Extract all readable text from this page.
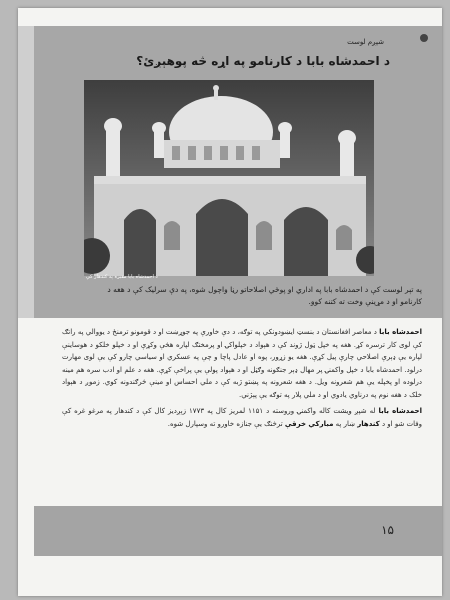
شپږم لوست
د احمدشاه بابا د کارنامو په اړه څه پوهېږئ؟
د احمدشاه بابا مقبره په کندهار کې
په تېر لوست کې د احمدشاه بابا په اداري او پوځي اصلاحاتو رڼا واچول شوه، په دې سرلیک کې د هغه د کارنامو او د مړينې وخت ته کتنه کوو.

احمدشاه بابا د معاصر افغانستان د بنسټ ایښودونکي په توګه، د دې خاورې په جوړښت او د قومونو ترمنځ د یووالي په راتګ کې لوی کار ترسره کړ. هغه په خپل ټول ژوند کې د هېواد د خپلواکۍ او پرمختګ لپاره هڅې وکړې او د خپلو خلکو د هوساینې لپاره یې ډېرې اصلاحي چارې پیل کړې. هغه یو زړور، پوه او عادل پاچا و چې په عسکري او سیاسي چارو کې یې لوی مهارت درلود. احمدشاه بابا د خپل واکمنۍ پر مهال ډېر جنګونه وګټل او د هېواد پولې یې پراخې کړې. هغه د علم او ادب سره هم مینه درلوده او پخپله یې هم شعرونه ویل. د هغه شعرونه په پښتو ژبه کې د ملي احساس او مینې څرګندونه کوي. زموږ د هېواد خلک د هغه نوم په درناوي یادوي او د ملي پلار په توګه یې پېژني.

احمدشاه بابا له شپږ ویشت کاله واکمنۍ وروسته د ۱۱۵۱ لمریز کال په ۱۷۷۳ زېږدیز کال کې د کندهار په مرغو غره کې وفات شو او د کندهار ښار په مبارکي خرقې ترڅنګ یې جنازه خاورو ته وسپارل شوه.

۱۵
